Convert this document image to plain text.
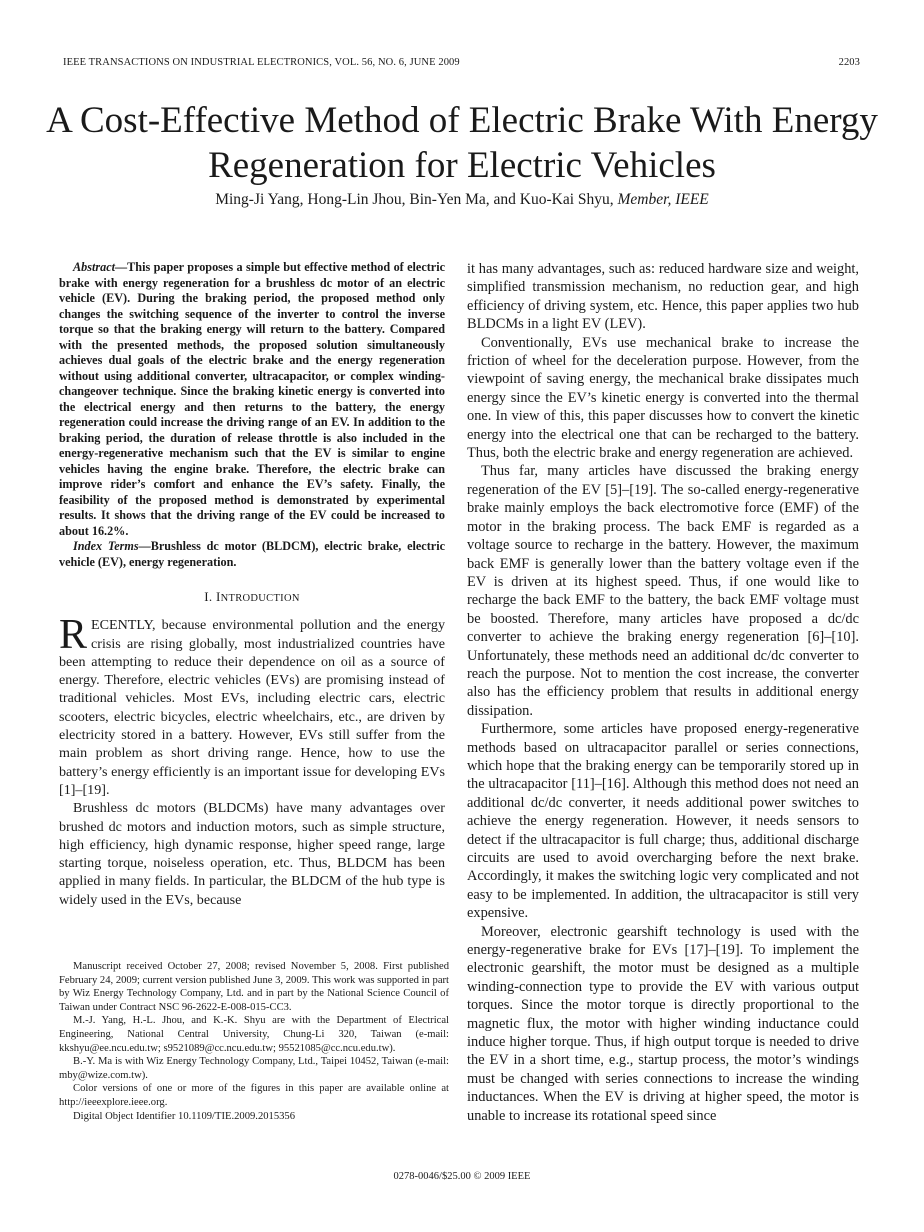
IEEE TRANSACTIONS ON INDUSTRIAL ELECTRONICS, VOL. 56, NO. 6, JUNE 2009	2203
A Cost-Effective Method of Electric Brake With Energy Regeneration for Electric Vehicles
Ming-Ji Yang, Hong-Lin Jhou, Bin-Yen Ma, and Kuo-Kai Shyu, Member, IEEE

Abstract—This paper proposes a simple but effective method of electric brake with energy regeneration for a brushless dc motor of an electric vehicle (EV). During the braking period, the proposed method only changes the switching sequence of the inverter to control the inverse torque so that the braking energy will return to the battery. Compared with the presented methods, the proposed solution simultaneously achieves dual goals of the electric brake and the energy regeneration without using additional converter, ultracapacitor, or complex winding-changeover technique. Since the braking kinetic energy is converted into the electrical energy and then returns to the battery, the energy regeneration could increase the driving range of an EV. In addition to the braking period, the duration of release throttle is also included in the energy-regenerative mechanism such that the EV is similar to engine vehicles having the engine brake. Therefore, the electric brake can improve rider’s comfort and enhance the EV’s safety. Finally, the feasibility of the proposed method is demonstrated by experimental results. It shows that the driving range of the EV could be increased to about 16.2%.

Index Terms—Brushless dc motor (BLDCM), electric brake, electric vehicle (EV), energy regeneration.

I. INTRODUCTION

RECENTLY, because environmental pollution and the energy crisis are rising globally, most industrialized countries have been attempting to reduce their dependence on oil as a source of energy. Therefore, electric vehicles (EVs) are promising instead of traditional vehicles. Most EVs, including electric cars, electric scooters, electric bicycles, electric wheelchairs, etc., are driven by electricity stored in a battery. However, EVs still suffer from the main problem as short driving range. Hence, how to use the battery’s energy efficiently is an important issue for developing EVs [1]–[19].

Brushless dc motors (BLDCMs) have many advantages over brushed dc motors and induction motors, such as simple structure, high efficiency, high dynamic response, higher speed range, large starting torque, noiseless operation, etc. Thus, BLDCM has been applied in many fields. In particular, the BLDCM of the hub type is widely used in the EVs, because

Manuscript received October 27, 2008; revised November 5, 2008. First published February 24, 2009; current version published June 3, 2009. This work was supported in part by Wiz Energy Technology Company, Ltd. and in part by the National Science Council of Taiwan under Contract NSC 96-2622-E-008-015-CC3.

M.-J. Yang, H.-L. Jhou, and K.-K. Shyu are with the Department of Electrical Engineering, National Central University, Chung-Li 320, Taiwan (e-mail: kkshyu@ee.ncu.edu.tw; s9521089@cc.ncu.edu.tw; 95521085@cc.ncu.edu.tw).

B.-Y. Ma is with Wiz Energy Technology Company, Ltd., Taipei 10452, Taiwan (e-mail: mby@wize.com.tw).

Color versions of one or more of the figures in this paper are available online at http://ieeexplore.ieee.org.

Digital Object Identifier 10.1109/TIE.2009.2015356

it has many advantages, such as: reduced hardware size and weight, simplified transmission mechanism, no reduction gear, and high efficiency of driving system, etc. Hence, this paper applies two hub BLDCMs in a light EV (LEV).

Conventionally, EVs use mechanical brake to increase the friction of wheel for the deceleration purpose. However, from the viewpoint of saving energy, the mechanical brake dissipates much energy since the EV’s kinetic energy is converted into the thermal one. In view of this, this paper discusses how to convert the kinetic energy into the electrical one that can be recharged to the battery. Thus, both the electric brake and energy regeneration are achieved.

Thus far, many articles have discussed the braking energy regeneration of the EV [5]–[19]. The so-called energy-regenerative brake mainly employs the back electromotive force (EMF) of the motor in the braking process. The back EMF is regarded as a voltage source to recharge in the battery. However, the maximum back EMF is generally lower than the battery voltage even if the EV is driven at its highest speed. Thus, if one would like to recharge the back EMF to the battery, the back EMF voltage must be boosted. Therefore, many articles have proposed a dc/dc converter to achieve the braking energy regeneration [6]–[10]. Unfortunately, these methods need an additional dc/dc converter to reach the purpose. Not to mention the cost increase, the converter also has the efficiency problem that results in additional energy dissipation.

Furthermore, some articles have proposed energy-regenerative methods based on ultracapacitor parallel or series connections, which hope that the braking energy can be temporarily stored up in the ultracapacitor [11]–[16]. Although this method does not need an additional dc/dc converter, it needs additional power switches to achieve the energy regeneration. However, it needs sensors to detect if the ultracapacitor is full charge; thus, additional discharge circuits are used to avoid overcharging before the next brake. Accordingly, it makes the switching logic very complicated and not easy to be implemented. In addition, the ultracapacitor is still very expensive.

Moreover, electronic gearshift technology is used with the energy-regenerative brake for EVs [17]–[19]. To implement the electronic gearshift, the motor must be designed as a multiple winding-connection type to provide the EV with various output torques. Since the motor torque is directly proportional to the magnetic flux, the motor with higher winding inductance could induce higher torque. Thus, if high output torque is needed to drive the EV in a short time, e.g., startup process, the motor’s windings must be changed with series connections to increase the winding inductances. When the EV is driving at higher speed, the motor is unable to increase its rotational speed since

0278-0046/$25.00 © 2009 IEEE
